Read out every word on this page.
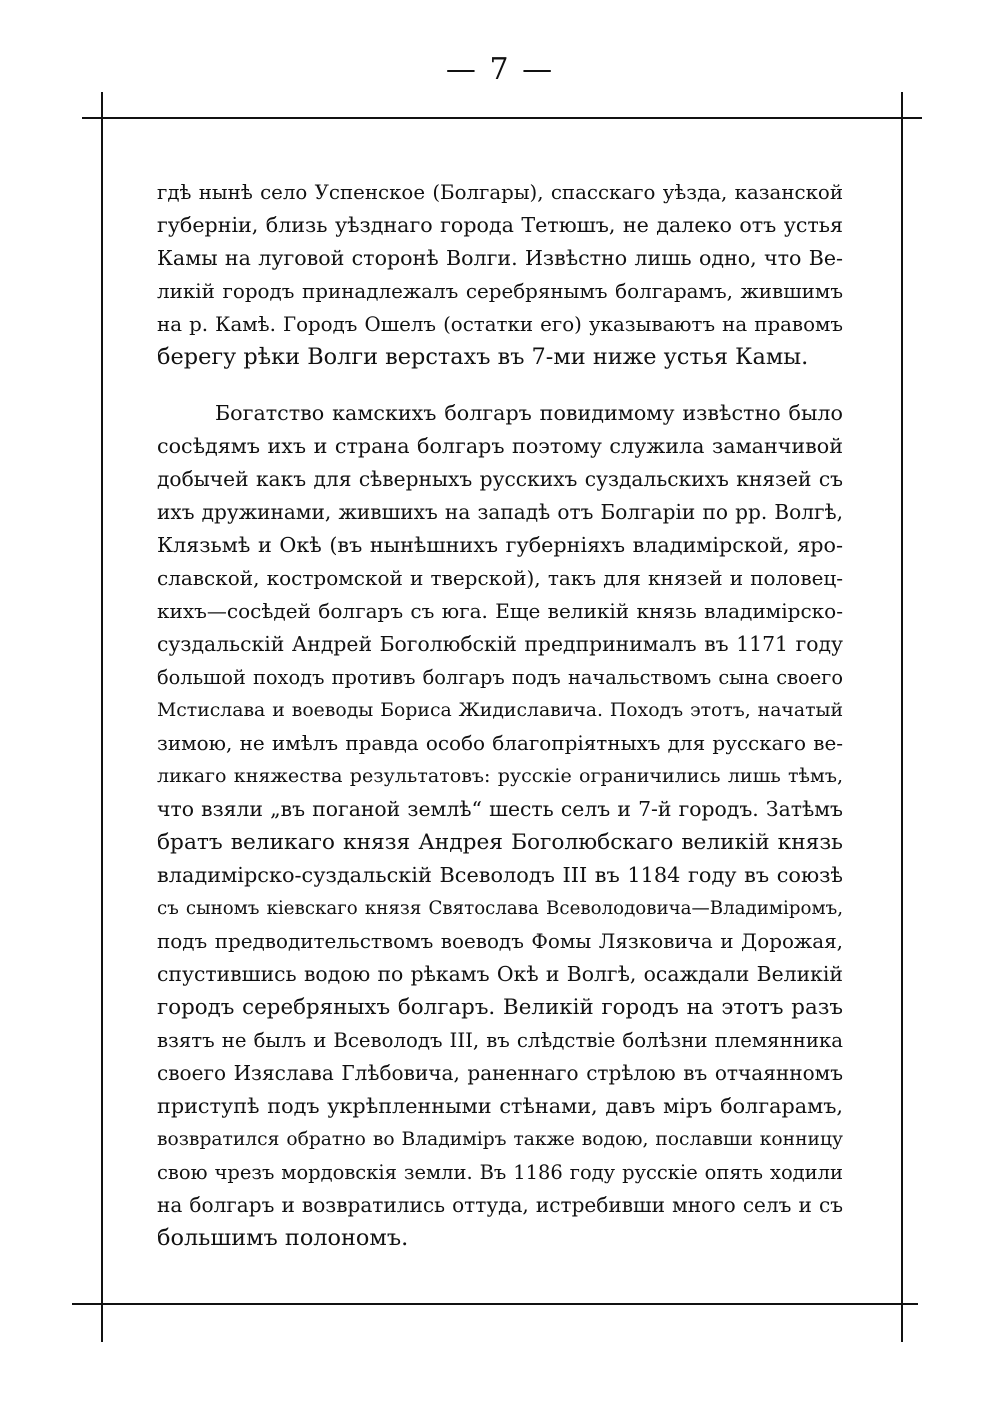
— 7 —
гдѣ нынѣ село Успенское (Болгары), спасскаго уѣзда, казанской
губерніи, близь уѣзднаго города Тетюшъ, не далеко отъ устья
Камы на луговой сторонѣ Волги. Извѣстно лишь одно, что Ве-
ликій городъ принадлежалъ серебрянымъ болгарамъ, жившимъ
на р. Камѣ. Городъ Ошелъ (остатки его) указываютъ на правомъ
берегу рѣки Волги верстахъ въ 7-ми ниже устья Камы.
Богатство камскихъ болгаръ повидимому извѣстно было
сосѣдямъ ихъ и страна болгаръ поэтому служила заманчивой
добычей какъ для сѣверныхъ русскихъ суздальскихъ князей съ
ихъ дружинами, жившихъ на западѣ отъ Болгаріи по рр. Волгѣ,
Клязьмѣ и Окѣ (въ нынѣшнихъ губерніяхъ владимірской, яро-
славской, костромской и тверской), такъ для князей и половец-
кихъ—сосѣдей болгаръ съ юга. Еще великій князь владимірско-
суздальскій Андрей Боголюбскій предпринималъ въ 1171 году
большой походъ противъ болгаръ подъ начальствомъ сына своего
Мстислава и воеводы Бориса Жидиславича. Походъ этотъ, начатый
зимою, не имѣлъ правда особо благопріятныхъ для русскаго ве-
ликаго княжества результатовъ: русскіе ограничились лишь тѣмъ,
что взяли „въ поганой землѣ“ шесть селъ и 7-й городъ. Затѣмъ
братъ великаго князя Андрея Боголюбскаго великій князь
владимірско-суздальскій Всеволодъ III въ 1184 году въ союзѣ
съ сыномъ кіевскаго князя Святослава Всеволодовича—Владиміромъ,
подъ предводительствомъ воеводъ Фомы Лязковича и Дорожая,
спустившись водою по рѣкамъ Окѣ и Волгѣ, осаждали Великій
городъ серебряныхъ болгаръ. Великій городъ на этотъ разъ
взятъ не былъ и Всеволодъ III, въ слѣдствіе болѣзни племянника
своего Изяслава Глѣбовича, раненнаго стрѣлою въ отчаянномъ
приступѣ подъ укрѣпленными стѣнами, давъ міръ болгарамъ,
возвратился обратно во Владиміръ также водою, пославши конницу
свою чрезъ мордовскія земли. Въ 1186 году русскіе опять ходили
на болгаръ и возвратились оттуда, истребивши много селъ и съ
большимъ полономъ.
